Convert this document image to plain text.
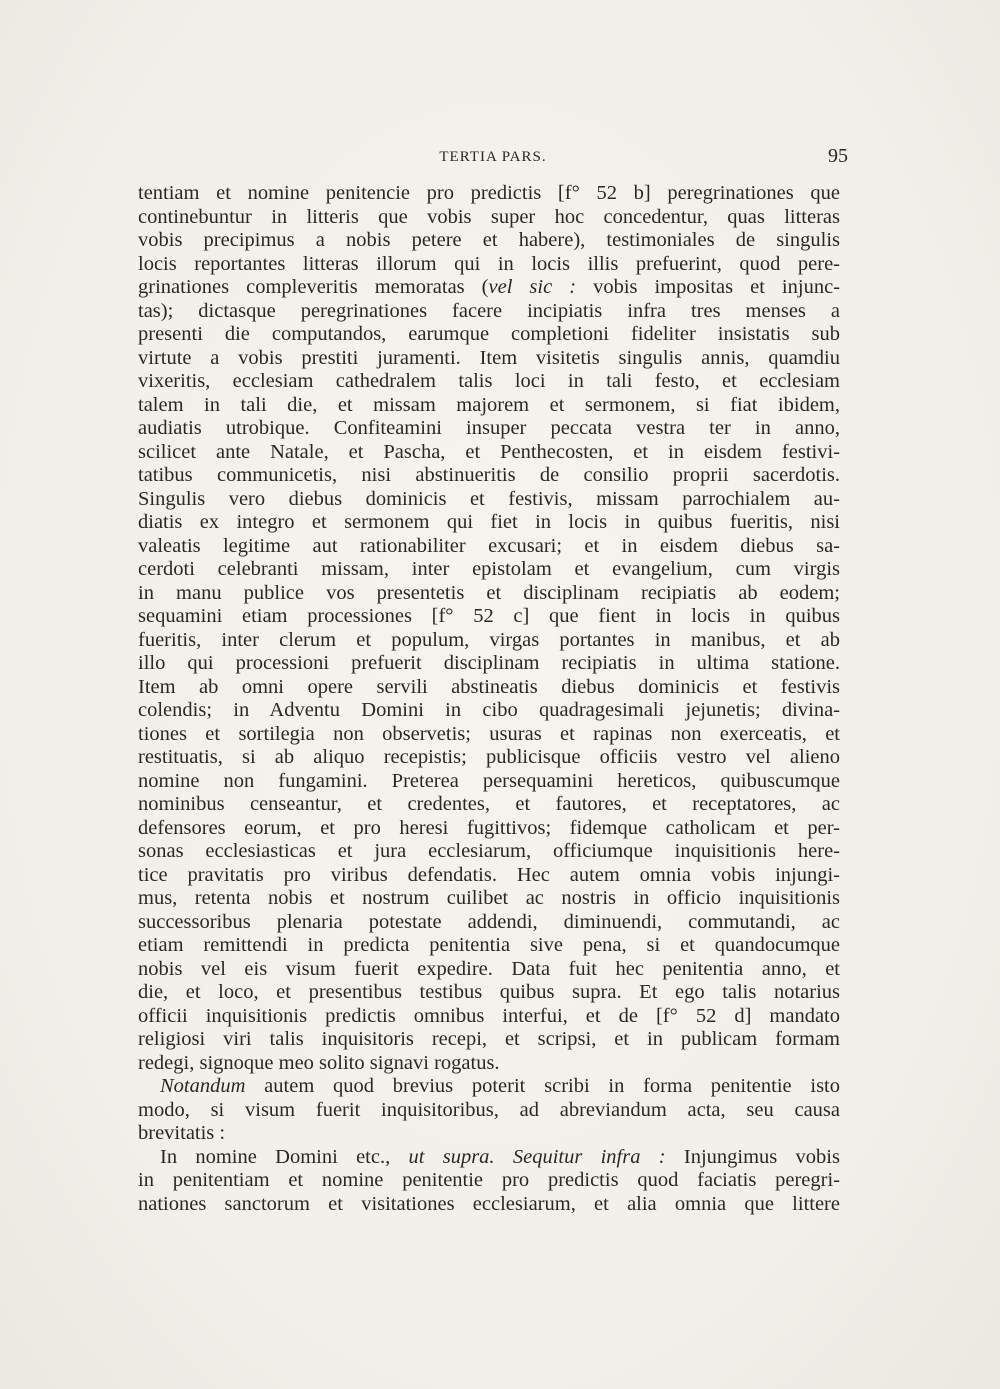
TERTIA PARS.	95
tentiam et nomine penitencie pro predictis [f° 52 b] peregrinationes que
continebuntur in litteris que vobis super hoc concedentur, quas litteras
vobis precipimus a nobis petere et habere), testimoniales de singulis
locis reportantes litteras illorum qui in locis illis prefuerint, quod pere-
grinationes compleveritis memoratas (vel sic : vobis impositas et injunc-
tas); dictasque peregrinationes facere incipiatis infra tres menses a
presenti die computandos, earumque completioni fideliter insistatis sub
virtute a vobis prestiti juramenti. Item visitetis singulis annis, quamdiu
vixeritis, ecclesiam cathedralem talis loci in tali festo, et ecclesiam
talem in tali die, et missam majorem et sermonem, si fiat ibidem,
audiatis utrobique. Confiteamini insuper peccata vestra ter in anno,
scilicet ante Natale, et Pascha, et Penthecosten, et in eisdem festivi-
tatibus communicetis, nisi abstinueritis de consilio proprii sacerdotis.
Singulis vero diebus dominicis et festivis, missam parrochialem au-
diatis ex integro et sermonem qui fiet in locis in quibus fueritis, nisi
valeatis legitime aut rationabiliter excusari; et in eisdem diebus sa-
cerdoti celebranti missam, inter epistolam et evangelium, cum virgis
in manu publice vos presentetis et disciplinam recipiatis ab eodem;
sequamini etiam processiones [f° 52 c] que fient in locis in quibus
fueritis, inter clerum et populum, virgas portantes in manibus, et ab
illo qui processioni prefuerit disciplinam recipiatis in ultima statione.
Item ab omni opere servili abstineatis diebus dominicis et festivis
colendis; in Adventu Domini in cibo quadragesimali jejunetis; divina-
tiones et sortilegia non observetis; usuras et rapinas non exerceatis, et
restituatis, si ab aliquo recepistis; publicisque officiis vestro vel alieno
nomine non fungamini. Preterea persequamini hereticos, quibuscumque
nominibus censeantur, et credentes, et fautores, et receptatores, ac
defensores eorum, et pro heresi fugittivos; fidemque catholicam et per-
sonas ecclesiasticas et jura ecclesiarum, officiumque inquisitionis here-
tice pravitatis pro viribus defendatis. Hec autem omnia vobis injungi-
mus, retenta nobis et nostrum cuilibet ac nostris in officio inquisitionis
successoribus plenaria potestate addendi, diminuendi, commutandi, ac
etiam remittendi in predicta penitentia sive pena, si et quandocumque
nobis vel eis visum fuerit expedire. Data fuit hec penitentia anno, et
die, et loco, et presentibus testibus quibus supra. Et ego talis notarius
officii inquisitionis predictis omnibus interfui, et de [f° 52 d] mandato
religiosi viri talis inquisitoris recepi, et scripsi, et in publicam formam
redegi, signoque meo solito signavi rogatus.
Notandum autem quod brevius poterit scribi in forma penitentie isto
modo, si visum fuerit inquisitoribus, ad abreviandum acta, seu causa
brevitatis :
In nomine Domini etc., ut supra. Sequitur infra : Injungimus vobis
in penitentiam et nomine penitentie pro predictis quod faciatis peregri-
nationes sanctorum et visitationes ecclesiarum, et alia omnia que littere
